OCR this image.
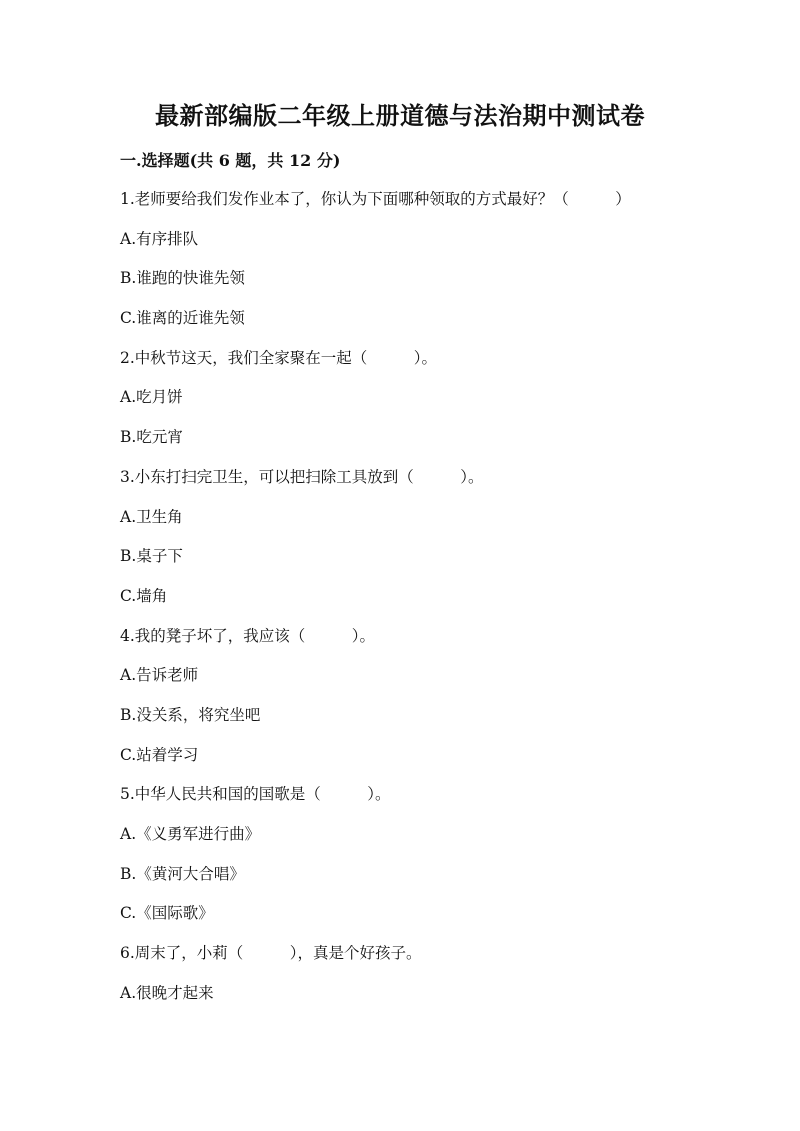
最新部编版二年级上册道德与法治期中测试卷
一.选择题(共 6 题，共 12 分)
1.老师要给我们发作业本了，你认为下面哪种领取的方式最好？（　　　）
A.有序排队
B.谁跑的快谁先领
C.谁离的近谁先领
2.中秋节这天，我们全家聚在一起（　　　）。
A.吃月饼
B.吃元宵
3.小东打扫完卫生，可以把扫除工具放到（　　　）。
A.卫生角
B.桌子下
C.墙角
4.我的凳子坏了，我应该（　　　）。
A.告诉老师
B.没关系，将究坐吧
C.站着学习
5.中华人民共和国的国歌是（　　　）。
A.《义勇军进行曲》
B.《黄河大合唱》
C.《国际歌》
6.周末了，小莉（　　　），真是个好孩子。
A.很晚才起来
